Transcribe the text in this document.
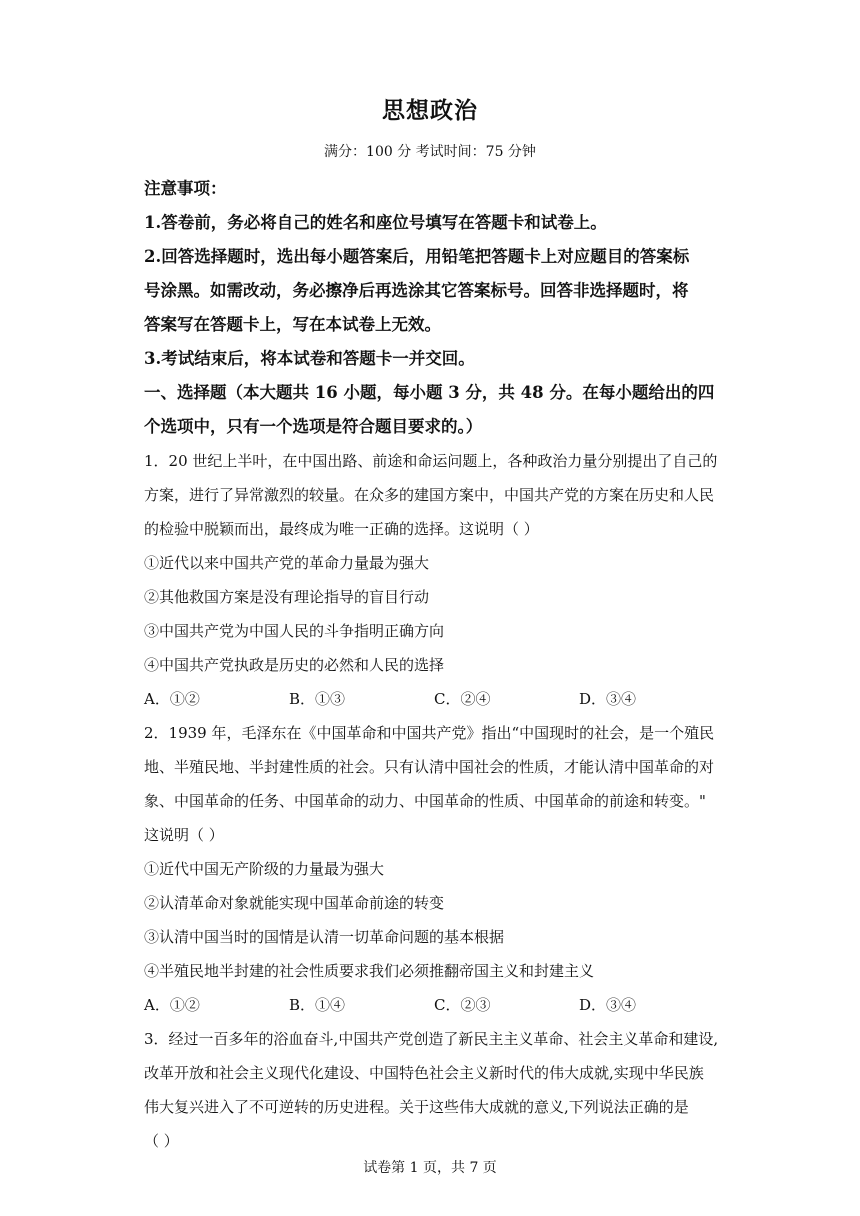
思想政治
满分：100 分 考试时间：75 分钟
注意事项：
1.答卷前，务必将自己的姓名和座位号填写在答题卡和试卷上。
2.回答选择题时，选出每小题答案后，用铅笔把答题卡上对应题目的答案标
号涂黑。如需改动，务必擦净后再选涂其它答案标号。回答非选择题时，将
答案写在答题卡上，写在本试卷上无效。
3.考试结束后，将本试卷和答题卡一并交回。
一、选择题（本大题共 16 小题，每小题 3 分，共 48 分。在每小题给出的四
个选项中，只有一个选项是符合题目要求的。）
1．20 世纪上半叶，在中国出路、前途和命运问题上，各种政治力量分别提出了自己的
方案，进行了异常激烈的较量。在众多的建国方案中，中国共产党的方案在历史和人民
的检验中脱颖而出，最终成为唯一正确的选择。这说明（ ）
①近代以来中国共产党的革命力量最为强大
②其他救国方案是没有理论指导的盲目行动
③中国共产党为中国人民的斗争指明正确方向
④中国共产党执政是历史的必然和人民的选择
A．①②	B．①③	C．②④	D．③④
2．1939 年，毛泽东在《中国革命和中国共产党》指出“中国现时的社会，是一个殖民
地、半殖民地、半封建性质的社会。只有认清中国社会的性质，才能认清中国革命的对
象、中国革命的任务、中国革命的动力、中国革命的性质、中国革命的前途和转变。"
这说明（ ）
①近代中国无产阶级的力量最为强大
②认清革命对象就能实现中国革命前途的转变
③认清中国当时的国情是认清一切革命问题的基本根据
④半殖民地半封建的社会性质要求我们必须推翻帝国主义和封建主义
A．①②	B．①④	C．②③	D．③④
3．经过一百多年的浴血奋斗,中国共产党创造了新民主主义革命、社会主义革命和建设,
改革开放和社会主义现代化建设、中国特色社会主义新时代的伟大成就,实现中华民族
伟大复兴进入了不可逆转的历史进程。关于这些伟大成就的意义,下列说法正确的是
（ ）
试卷第 1 页，共 7 页
